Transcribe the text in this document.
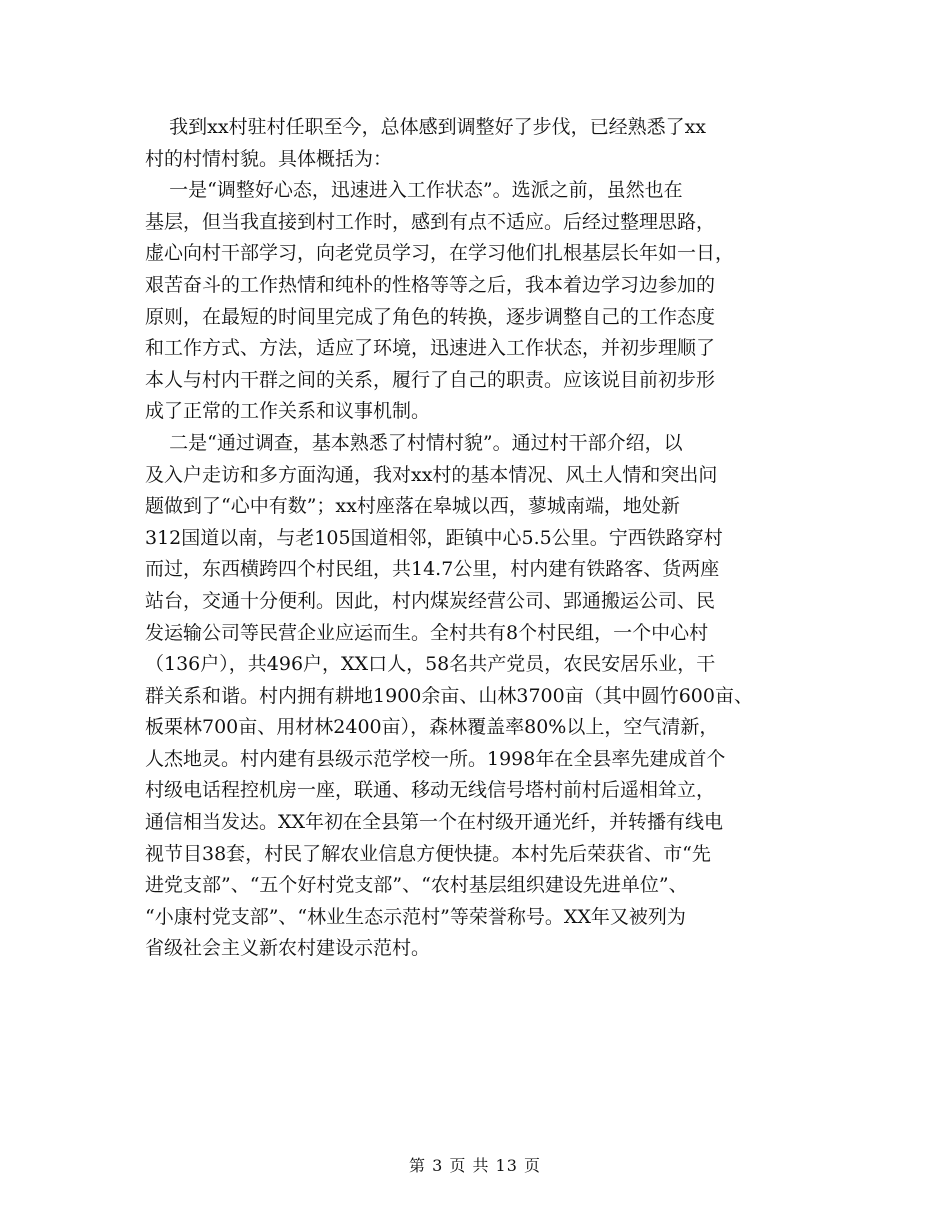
我到xx村驻村任职至今，总体感到调整好了步伐，已经熟悉了xx
村的村情村貌。具体概括为：
一是“调整好心态，迅速进入工作状态”。选派之前，虽然也在
基层，但当我直接到村工作时，感到有点不适应。后经过整理思路，
虚心向村干部学习，向老党员学习，在学习他们扎根基层长年如一日，
艰苦奋斗的工作热情和纯朴的性格等等之后，我本着边学习边参加的
原则，在最短的时间里完成了角色的转换，逐步调整自己的工作态度
和工作方式、方法，适应了环境，迅速进入工作状态，并初步理顺了
本人与村内干群之间的关系，履行了自己的职责。应该说目前初步形
成了正常的工作关系和议事机制。
二是“通过调查，基本熟悉了村情村貌”。通过村干部介绍，以
及入户走访和多方面沟通，我对xx村的基本情况、风土人情和突出问
题做到了“心中有数”；xx村座落在皋城以西，蓼城南端，地处新
312国道以南，与老105国道相邻，距镇中心5.5公里。宁西铁路穿村
而过，东西横跨四个村民组，共14.7公里，村内建有铁路客、货两座
站台，交通十分便利。因此，村内煤炭经营公司、郢通搬运公司、民
发运输公司等民营企业应运而生。全村共有8个村民组，一个中心村
（136户），共496户，XX口人，58名共产党员，农民安居乐业，干
群关系和谐。村内拥有耕地1900余亩、山林3700亩（其中圆竹600亩、
板栗林700亩、用材林2400亩），森林覆盖率80%以上，空气清新，
人杰地灵。村内建有县级示范学校一所。1998年在全县率先建成首个
村级电话程控机房一座，联通、移动无线信号塔村前村后遥相耸立，
通信相当发达。XX年初在全县第一个在村级开通光纤，并转播有线电
视节目38套，村民了解农业信息方便快捷。本村先后荣获省、市“先
进党支部”、“五个好村党支部”、“农村基层组织建设先进单位”、
“小康村党支部”、“林业生态示范村”等荣誉称号。XX年又被列为
省级社会主义新农村建设示范村。
第 3 页 共 13 页
